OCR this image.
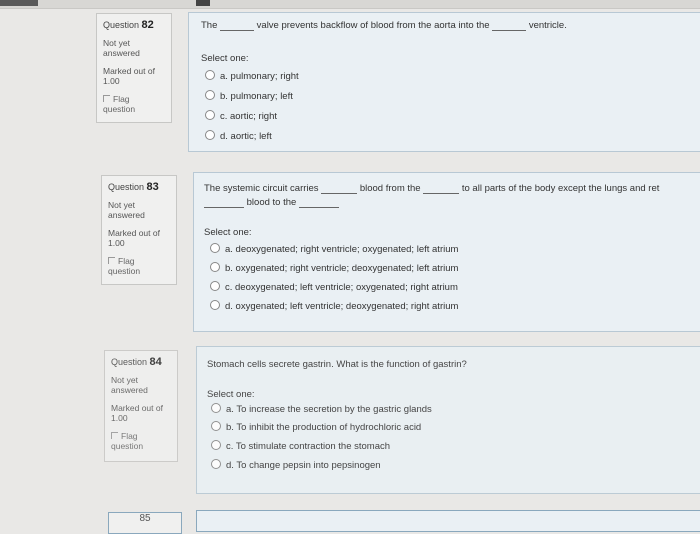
Question 82
Not yet
answered
Marked out of
1.00
Flag
question
The	valve prevents backflow of blood from the aorta into the	ventricle.
Select one:
a. pulmonary; right
b. pulmonary; left
c. aortic; right
d. aortic; left
Question 83
Not yet
answered
Marked out of
1.00
Flag
question
The systemic circuit carries	blood from the	to all parts of the body except the lungs and ret
blood to the
Select one:
a. deoxygenated; right ventricle; oxygenated; left atrium
b. oxygenated; right ventricle; deoxygenated; left atrium
c. deoxygenated; left ventricle; oxygenated; right atrium
d. oxygenated; left ventricle; deoxygenated; right atrium
Question 84
Not yet
answered
Marked out of
1.00
Flag
question
Stomach cells secrete gastrin. What is the function of gastrin?
Select one:
a. To increase the secretion by the gastric glands
b. To inhibit the production of hydrochloric acid
c. To stimulate contraction the stomach
d. To change pepsin into pepsinogen
85
